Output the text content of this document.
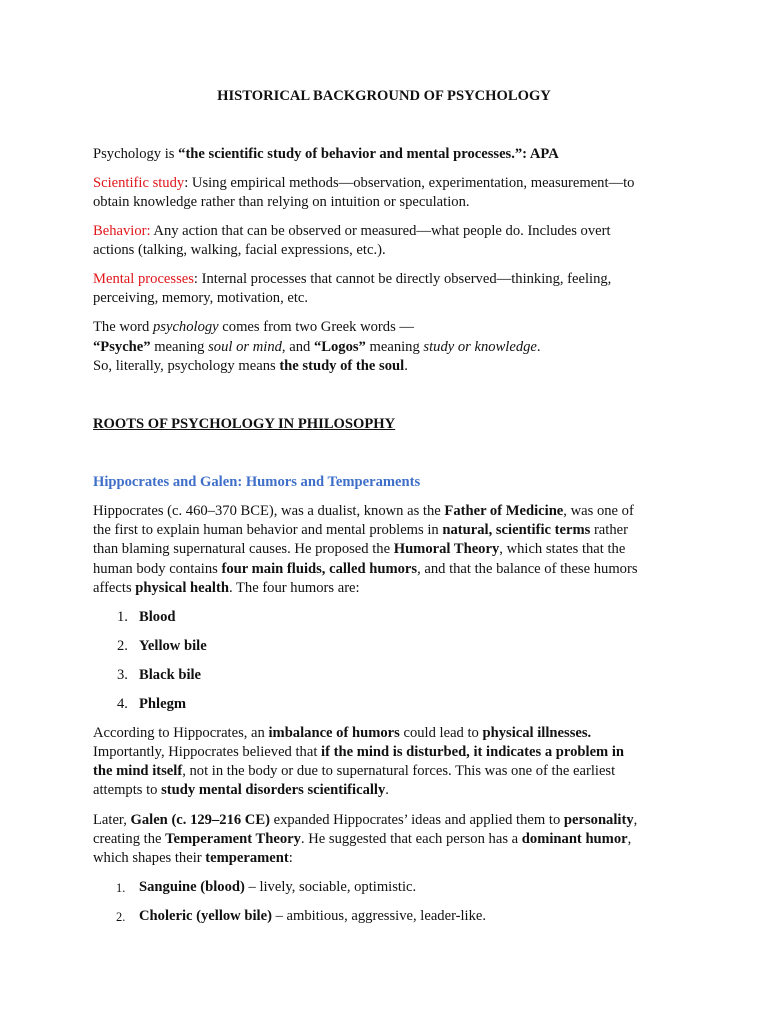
HISTORICAL BACKGROUND OF PSYCHOLOGY
Psychology is “the scientific study of behavior and mental processes.”: APA
Scientific study: Using empirical methods—observation, experimentation, measurement—to
obtain knowledge rather than relying on intuition or speculation.
Behavior: Any action that can be observed or measured—what people do. Includes overt
actions (talking, walking, facial expressions, etc.).
Mental processes: Internal processes that cannot be directly observed—thinking, feeling,
perceiving, memory, motivation, etc.
The word psychology comes from two Greek words —
“Psyche” meaning soul or mind, and “Logos” meaning study or knowledge.
So, literally, psychology means the study of the soul.
ROOTS OF PSYCHOLOGY IN PHILOSOPHY
Hippocrates and Galen: Humors and Temperaments
Hippocrates (c. 460–370 BCE), was a dualist, known as the Father of Medicine, was one of
the first to explain human behavior and mental problems in natural, scientific terms rather
than blaming supernatural causes. He proposed the Humoral Theory, which states that the
human body contains four main fluids, called humors, and that the balance of these humors
affects physical health. The four humors are:
1. Blood
2. Yellow bile
3. Black bile
4. Phlegm
According to Hippocrates, an imbalance of humors could lead to physical illnesses.
Importantly, Hippocrates believed that if the mind is disturbed, it indicates a problem in
the mind itself, not in the body or due to supernatural forces. This was one of the earliest
attempts to study mental disorders scientifically.
Later, Galen (c. 129–216 CE) expanded Hippocrates’ ideas and applied them to personality,
creating the Temperament Theory. He suggested that each person has a dominant humor,
which shapes their temperament:
1. Sanguine (blood) – lively, sociable, optimistic.
2. Choleric (yellow bile) – ambitious, aggressive, leader-like.
